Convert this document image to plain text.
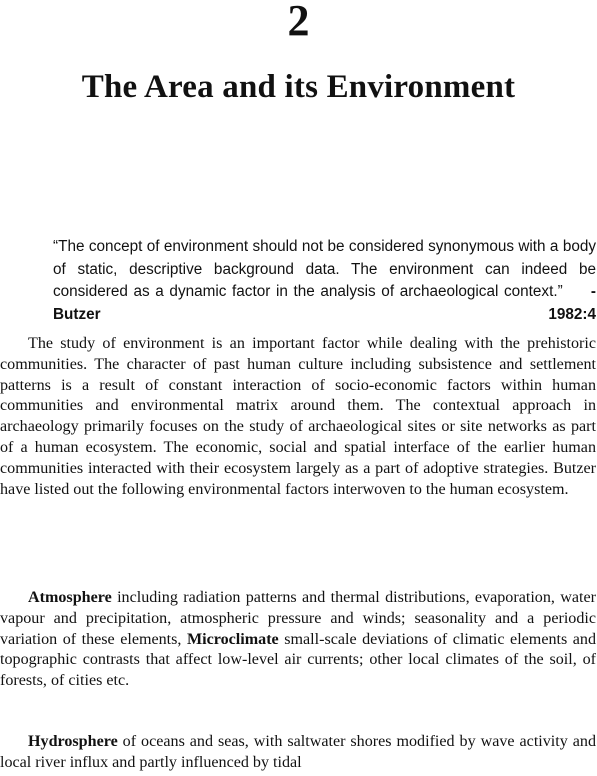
2
The Area and its Environment
“The concept of environment should not be considered synonymous with a body of static, descriptive background data. The environment can indeed be considered as a dynamic factor in the analysis of archaeological context.” - Butzer 1982:4

The study of environment is an important factor while dealing with the prehistoric communities. The character of past human culture including subsistence and settlement patterns is a result of constant interaction of socio-economic factors within human communities and environmental matrix around them. The contextual approach in archaeology primarily focuses on the study of archaeological sites or site networks as part of a human ecosystem. The economic, social and spatial interface of the earlier human communities interacted with their ecosystem largely as a part of adoptive strategies. Butzer have listed out the following environmental factors interwoven to the human ecosystem.

Atmosphere including radiation patterns and thermal distributions, evaporation, water vapour and precipitation, atmospheric pressure and winds; seasonality and a periodic variation of these elements, Microclimate small-scale deviations of climatic elements and topographic contrasts that affect low-level air currents; other local climates of the soil, of forests, of cities etc.

Hydrosphere of oceans and seas, with saltwater shores modified by wave activity and local river influx and partly influenced by tidal
